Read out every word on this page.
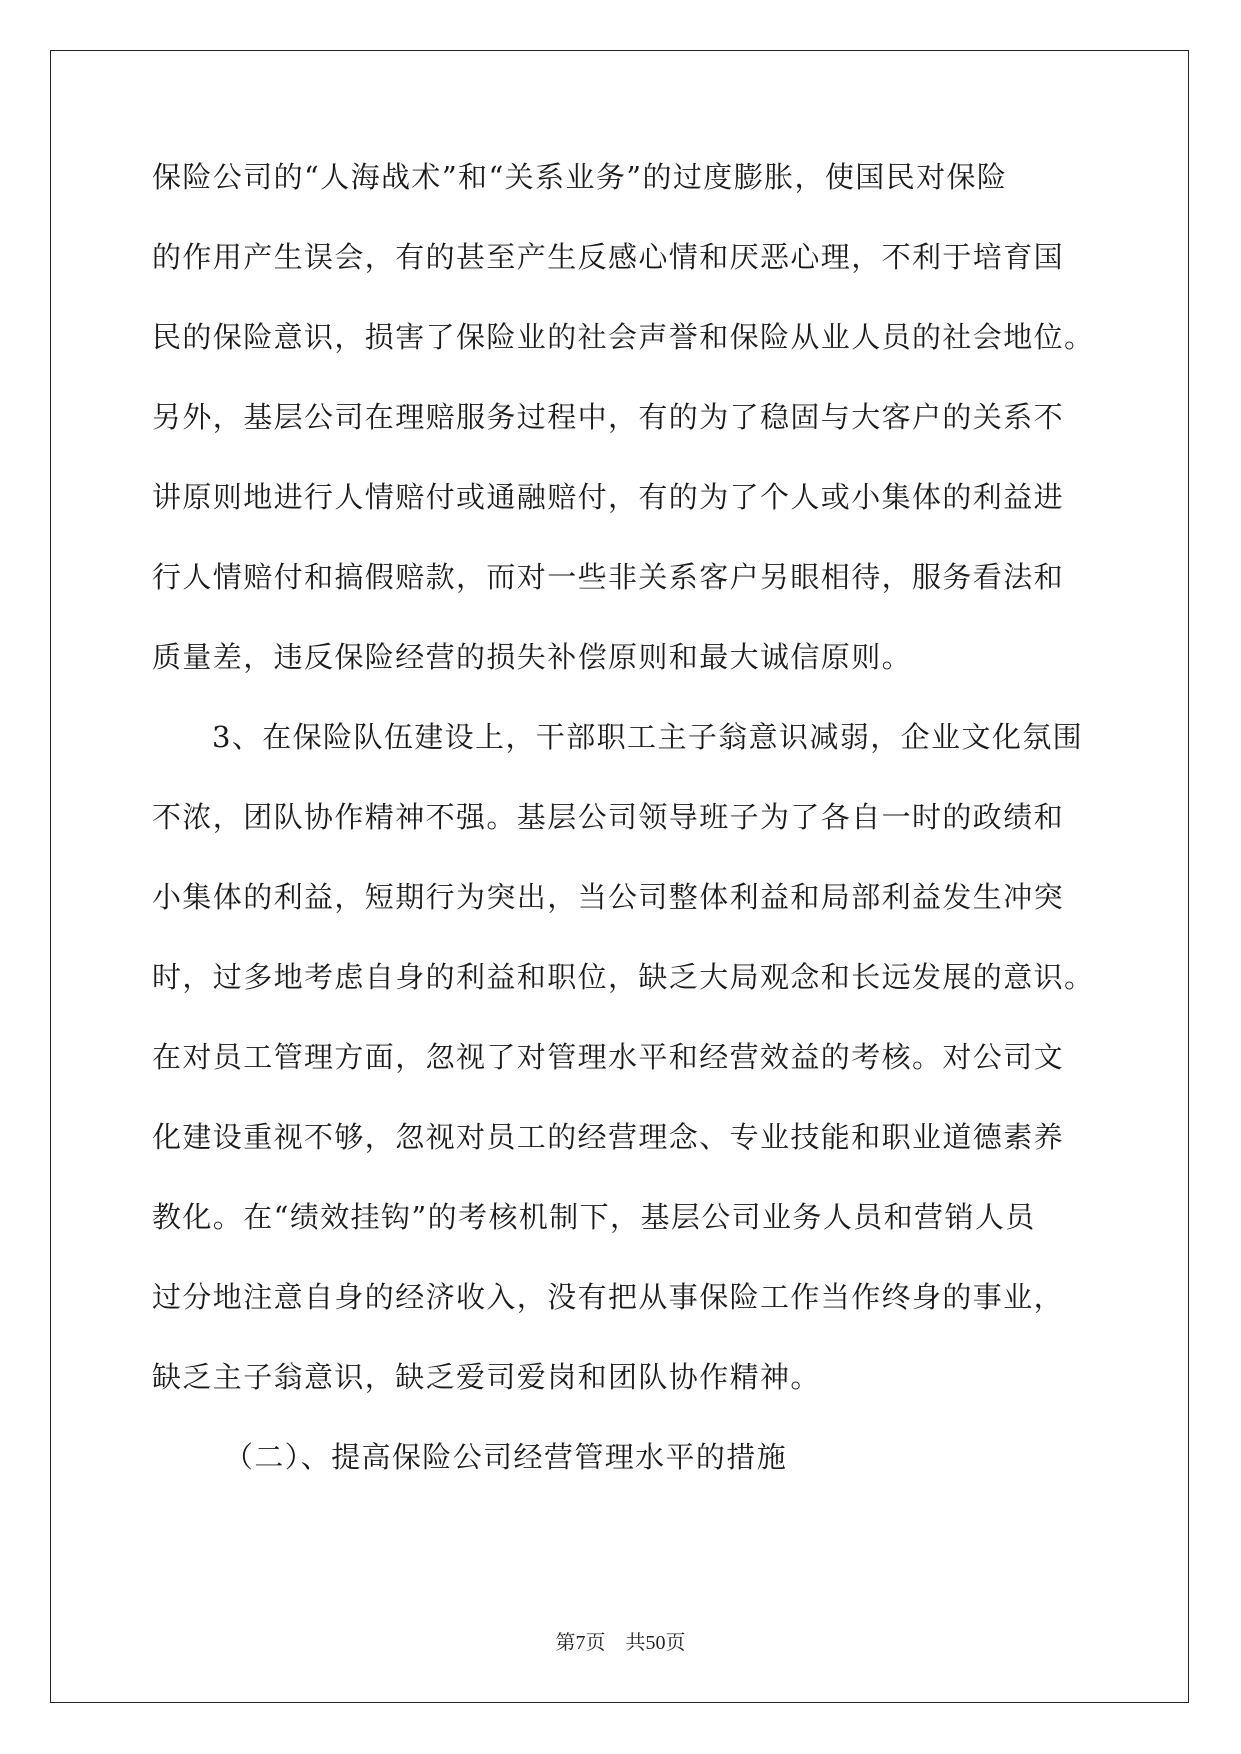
保险公司的“人海战术”和“关系业务”的过度膨胀，使国民对保险
的作用产生误会，有的甚至产生反感心情和厌恶心理，不利于培育国
民的保险意识，损害了保险业的社会声誉和保险从业人员的社会地位。
另外，基层公司在理赔服务过程中，有的为了稳固与大客户的关系不
讲原则地进行人情赔付或通融赔付，有的为了个人或小集体的利益进
行人情赔付和搞假赔款，而对一些非关系客户另眼相待，服务看法和
质量差，违反保险经营的损失补偿原则和最大诚信原则。
3、在保险队伍建设上，干部职工主子翁意识减弱，企业文化氛围
不浓，团队协作精神不强。基层公司领导班子为了各自一时的政绩和
小集体的利益，短期行为突出，当公司整体利益和局部利益发生冲突
时，过多地考虑自身的利益和职位，缺乏大局观念和长远发展的意识。
在对员工管理方面，忽视了对管理水平和经营效益的考核。对公司文
化建设重视不够，忽视对员工的经营理念、专业技能和职业道德素养
教化。在“绩效挂钩”的考核机制下，基层公司业务人员和营销人员
过分地注意自身的经济收入，没有把从事保险工作当作终身的事业，
缺乏主子翁意识，缺乏爱司爱岗和团队协作精神。
（二）、提高保险公司经营管理水平的措施
第7页　共50页
